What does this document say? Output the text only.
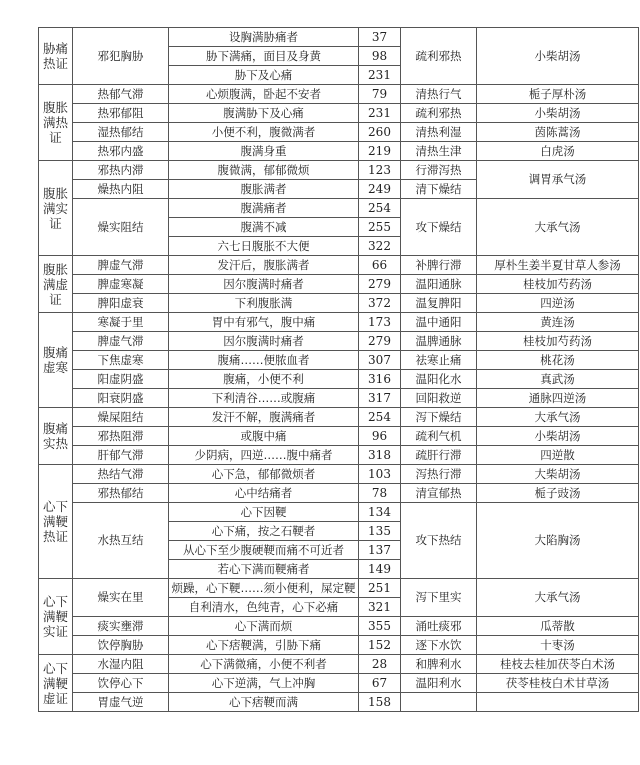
胁痛热证	邪犯胸胁	设胸满胁痛者	37	疏利邪热	小柴胡汤
		胁下满痛，面目及身黄	98		
		胁下及心痛	231		
腹胀满热证	热郁气滞	心烦腹满，卧起不安者	79	清热行气	栀子厚朴汤
	热邪郁阻	腹满胁下及心痛	231	疏利邪热	小柴胡汤
	湿热郁结	小便不利，腹微满者	260	清热利湿	茵陈蒿汤
	热邪内盛	腹满身重	219	清热生津	白虎汤
腹胀满实证	邪热内滞	腹微满，郁郁微烦	123	行滞泻热	调胃承气汤
	燥热内阻	腹胀满者	249	清下燥结	
	燥实阻结	腹满痛者	254	攻下燥结	大承气汤
		腹满不减	255		
		六七日腹胀不大便	322		
腹胀满虚证	脾虚气滞	发汗后，腹胀满者	66	补脾行滞	厚朴生姜半夏甘草人参汤
	脾虚寒凝	因尔腹满时痛者	279	温阳通脉	桂枝加芍药汤
	脾阳虚衰	下利腹胀满	372	温复脾阳	四逆汤
腹痛虚寒	寒凝于里	胃中有邪气，腹中痛	173	温中通阳	黄连汤
	脾虚气滞	因尔腹满时痛者	279	温脾通脉	桂枝加芍药汤
	下焦虚寒	腹痛……便脓血者	307	祛寒止痛	桃花汤
	阳虚阴盛	腹痛，小便不利	316	温阳化水	真武汤
	阳衰阴盛	下利清谷……或腹痛	317	回阳救逆	通脉四逆汤
腹痛实热	燥屎阻结	发汗不解，腹满痛者	254	泻下燥结	大承气汤
	邪热阻滞	或腹中痛	96	疏利气机	小柴胡汤
	肝郁气滞	少阴病，四逆……腹中痛者	318	疏肝行滞	四逆散
心下满鞕热证	热结气滞	心下急，郁郁微烦者	103	泻热行滞	大柴胡汤
	邪热郁结	心中结痛者	78	清宣郁热	栀子豉汤
	水热互结	心下因鞕	134	攻下热结	大陷胸汤
		心下痛，按之石鞕者	135		
		从心下至少腹硬鞕而痛不可近者	137		
		若心下满而鞕痛者	149		
心下满鞕实证	燥实在里	烦躁，心下鞕……须小便利，屎定鞕	251	泻下里实	大承气汤
		自利清水，色纯青，心下必痛	321		
	痰实壅滞	心下满而烦	355	涌吐痰邪	瓜蒂散
	饮停胸胁	心下痞鞕满，引胁下痛	152	逐下水饮	十枣汤
心下满鞕虚证	水湿内阻	心下满微痛，小便不利者	28	和脾利水	桂枝去桂加茯苓白术汤
	饮停心下	心下逆满，气上冲胸	67	温阳利水	茯苓桂枝白术甘草汤
	胃虚气逆	心下痞鞕而满	158		
